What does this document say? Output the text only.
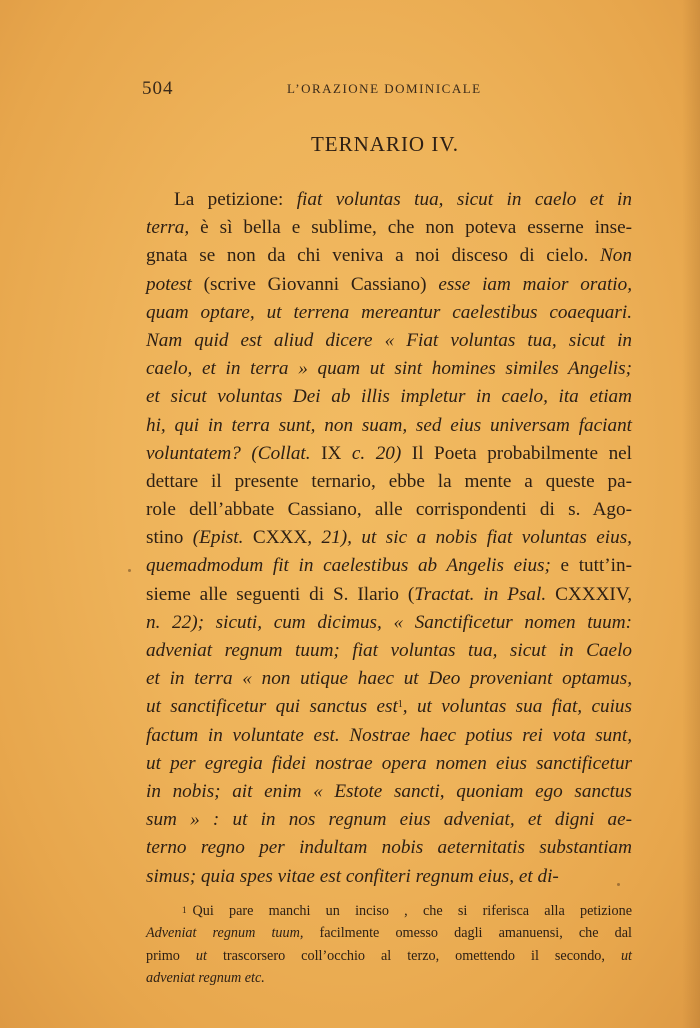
504	L’ORAZIONE DOMINICALE
TERNARIO IV.
La petizione: fiat voluntas tua, sicut in caelo et in
terra, è sì bella e sublime, che non poteva esserne inse-
gnata se non da chi veniva a noi disceso di cielo. Non
potest (scrive Giovanni Cassiano) esse iam maior oratio,
quam optare, ut terrena mereantur caelestibus coaequari.
Nam quid est aliud dicere « Fiat voluntas tua, sicut in
caelo, et in terra » quam ut sint homines similes Angelis;
et sicut voluntas Dei ab illis impletur in caelo, ita etiam
hi, qui in terra sunt, non suam, sed eius universam faciant
voluntatem? (Collat. IX c. 20) Il Poeta probabilmente nel
dettare il presente ternario, ebbe la mente a queste pa-
role dell’abbate Cassiano, alle corrispondenti di s. Ago-
stino (Epist. CXXX, 21), ut sic a nobis fiat voluntas eius,
quemadmodum fit in caelestibus ab Angelis eius; e tutt’in-
sieme alle seguenti di S. Ilario (Tractat. in Psal. CXXXIV,
n. 22); sicuti, cum dicimus, « Sanctificetur nomen tuum:
adveniat regnum tuum; fiat voluntas tua, sicut in Caelo
et in terra « non utique haec ut Deo proveniant optamus,
ut sanctificetur qui sanctus est$^1$, ut voluntas sua fiat, cuius
factum in voluntate est. Nostrae haec potius rei vota sunt,
ut per egregia fidei nostrae opera nomen eius sanctificetur
in nobis; ait enim « Estote sancti, quoniam ego sanctus
sum » : ut in nos regnum eius adveniat, et digni ae-
terno regno per indultam nobis aeternitatis substantiam
simus; quia spes vitae est confiteri regnum eius, et di-
$^1$ Qui pare manchi un inciso , che si riferisca alla petizione
Adveniat regnum tuum, facilmente omesso dagli amanuensi, che dal
primo ut trascorsero coll’occhio al terzo, omettendo il secondo, ut
adveniat regnum etc.
